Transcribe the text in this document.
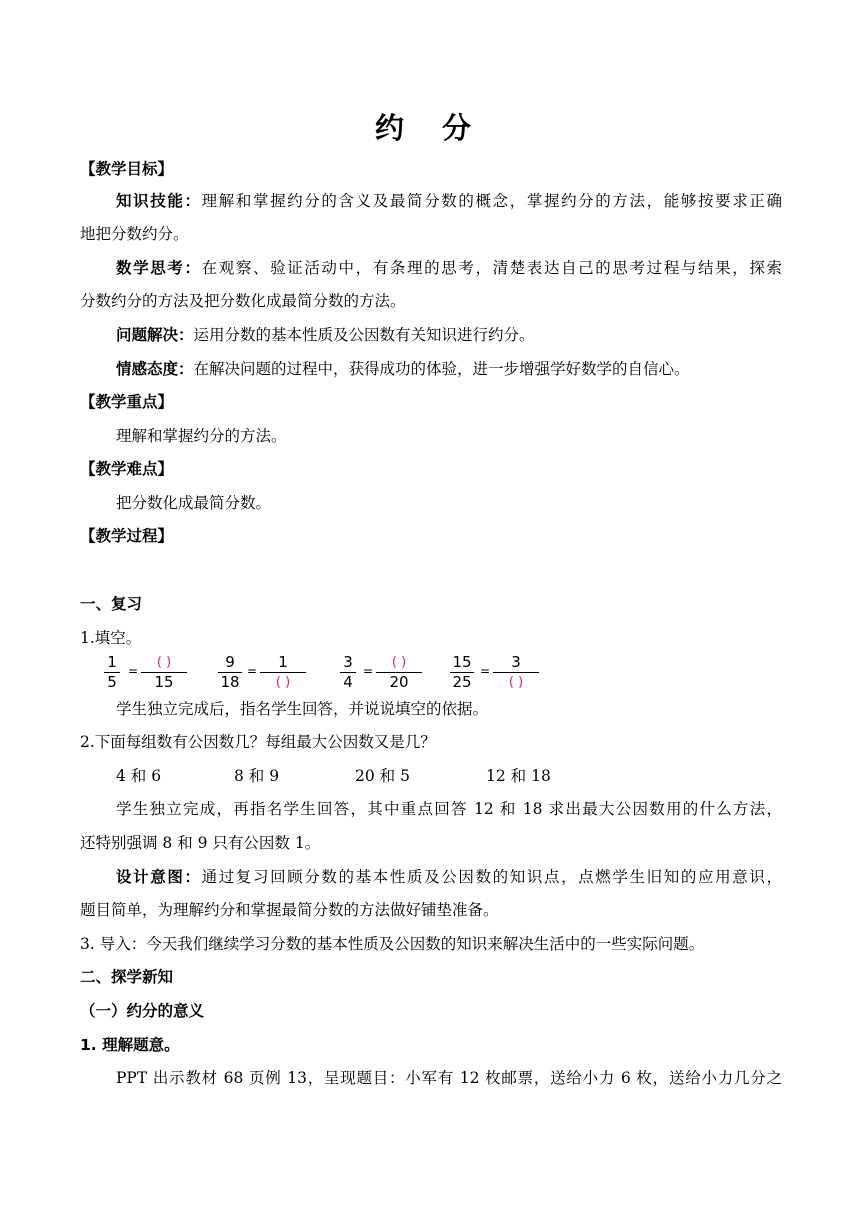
约 分
【教学目标】
知识技能：理解和掌握约分的含义及最简分数的概念，掌握约分的方法，能够按要求正确
地把分数约分。
数学思考：在观察、验证活动中，有条理的思考，清楚表达自己的思考过程与结果，探索
分数约分的方法及把分数化成最简分数的方法。
问题解决：运用分数的基本性质及公因数有关知识进行约分。
情感态度：在解决问题的过程中，获得成功的体验，进一步增强学好数学的自信心。
【教学重点】
理解和掌握约分的方法。
【教学难点】
把分数化成最简分数。
【教学过程】
一、复习
1.填空。
1
5
=
( )
15
9
18
=	1
( )
3
4
=
( )
20
15
25
=	3
( )
学生独立完成后，指名学生回答，并说说填空的依据。
2.下面每组数有公因数几？每组最大公因数又是几？
4 和 6	8 和 9	20 和 5	12 和 18
学生独立完成，再指名学生回答，其中重点回答 12 和 18 求出最大公因数用的什么方法，
还特别强调 8 和 9 只有公因数 1。
设计意图：通过复习回顾分数的基本性质及公因数的知识点，点燃学生旧知的应用意识，
题目简单，为理解约分和掌握最简分数的方法做好铺垫准备。
3. 导入：今天我们继续学习分数的基本性质及公因数的知识来解决生活中的一些实际问题。
二、探学新知
（一）约分的意义
1. 理解题意。
PPT 出示教材 68 页例 13，呈现题目：小军有 12 枚邮票，送给小力 6 枚，送给小力几分之
